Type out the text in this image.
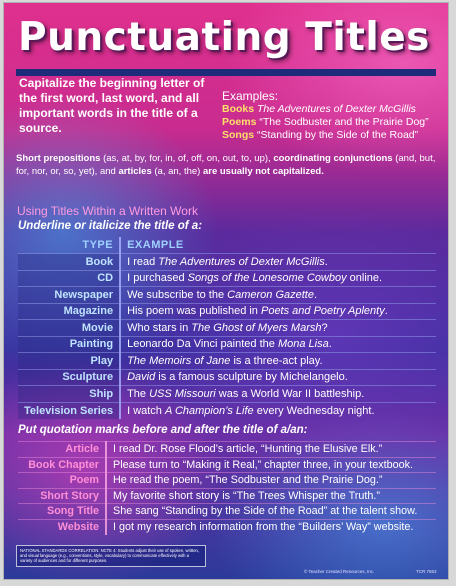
Punctuating Titles
Capitalize the beginning letter of the first word, last word, and all important words in the title of a source.
Examples:
Books The Adventures of Dexter McGillis
Poems “The Sodbuster and the Prairie Dog”
Songs “Standing by the Side of the Road”
Short prepositions (as, at, by, for, in, of, off, on, out, to, up), coordinating conjunctions (and, but, for, nor, or, so, yet), and articles (a, an, the) are usually not capitalized.
Using Titles Within a Written Work
Underline or italicize the title of a:
TYPE	EXAMPLE
Book	I read The Adventures of Dexter McGillis.
CD	I purchased Songs of the Lonesome Cowboy online.
Newspaper	We subscribe to the Cameron Gazette.
Magazine	His poem was published in Poets and Poetry Aplenty.
Movie	Who stars in The Ghost of Myers Marsh?
Painting	Leonardo Da Vinci painted the Mona Lisa.
Play	The Memoirs of Jane is a three-act play.
Sculpture	David is a famous sculpture by Michelangelo.
Ship	The USS Missouri was a World War II battleship.
Television Series	I watch A Champion’s Life every Wednesday night.
Put quotation marks before and after the title of a/an:
Article	I read Dr. Rose Flood’s article, “Hunting the Elusive Elk.”
Book Chapter	Please turn to “Making it Real,” chapter three, in your textbook.
Poem	He read the poem, “The Sodbuster and the Prairie Dog.”
Short Story	My favorite short story is “The Trees Whisper the Truth.”
Song Title	She sang “Standing by the Side of the Road” at the talent show.
Website	I got my research information from the “Builders’ Way” website.
NATIONAL STANDARDS CORRELATION: NCTE 4: Students adjust their use of spoken, written, and visual language (e.g., conventions, style, vocabulary) to communicate effectively with a variety of audiences and for different purposes.
© Teacher Created Resources, Inc.	TCR 7653
